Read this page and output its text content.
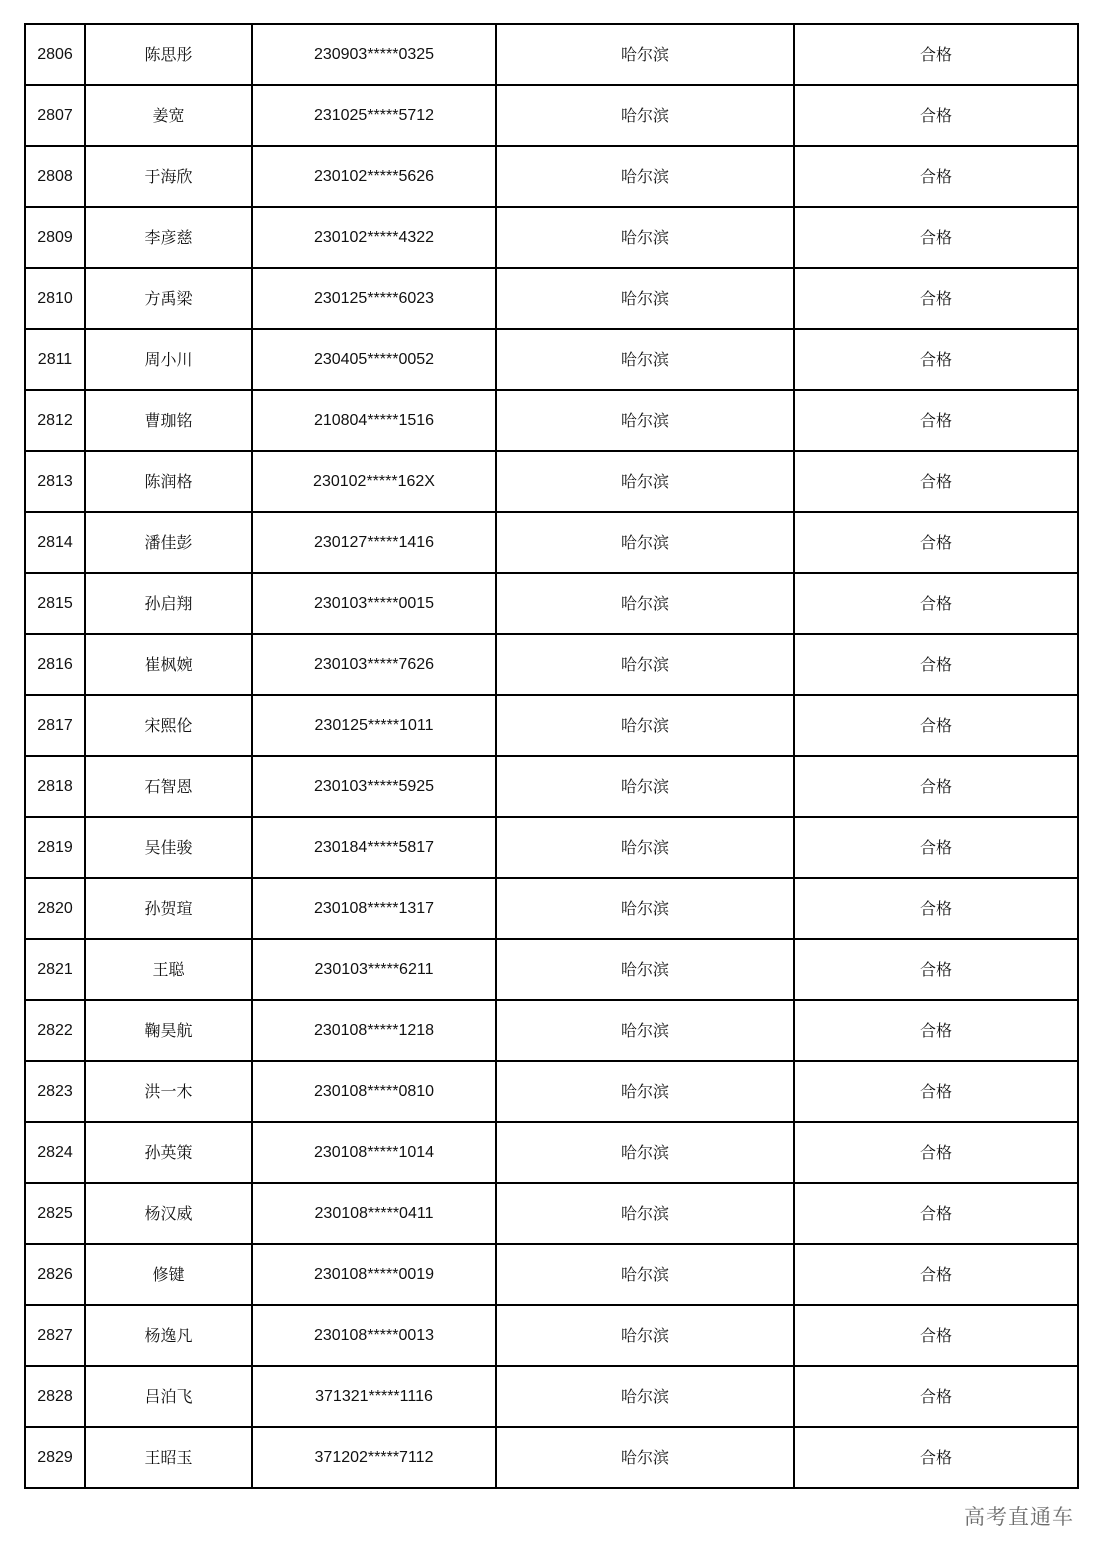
2806	陈思彤	230903*****0325	哈尔滨	合格
2807	姜宽	231025*****5712	哈尔滨	合格
2808	于海欣	230102*****5626	哈尔滨	合格
2809	李彦慈	230102*****4322	哈尔滨	合格
2810	方禹梁	230125*****6023	哈尔滨	合格
2811	周小川	230405*****0052	哈尔滨	合格
2812	曹珈铭	210804*****1516	哈尔滨	合格
2813	陈润格	230102*****162X	哈尔滨	合格
2814	潘佳彭	230127*****1416	哈尔滨	合格
2815	孙启翔	230103*****0015	哈尔滨	合格
2816	崔枫婉	230103*****7626	哈尔滨	合格
2817	宋熙伦	230125*****1011	哈尔滨	合格
2818	石智恩	230103*****5925	哈尔滨	合格
2819	吴佳骏	230184*****5817	哈尔滨	合格
2820	孙贺瑄	230108*****1317	哈尔滨	合格
2821	王聪	230103*****6211	哈尔滨	合格
2822	鞠昊航	230108*****1218	哈尔滨	合格
2823	洪一木	230108*****0810	哈尔滨	合格
2824	孙英策	230108*****1014	哈尔滨	合格
2825	杨汉威	230108*****0411	哈尔滨	合格
2826	修键	230108*****0019	哈尔滨	合格
2827	杨逸凡	230108*****0013	哈尔滨	合格
2828	吕泊飞	371321*****1116	哈尔滨	合格
2829	王昭玉	371202*****7112	哈尔滨	合格
高考直通车
